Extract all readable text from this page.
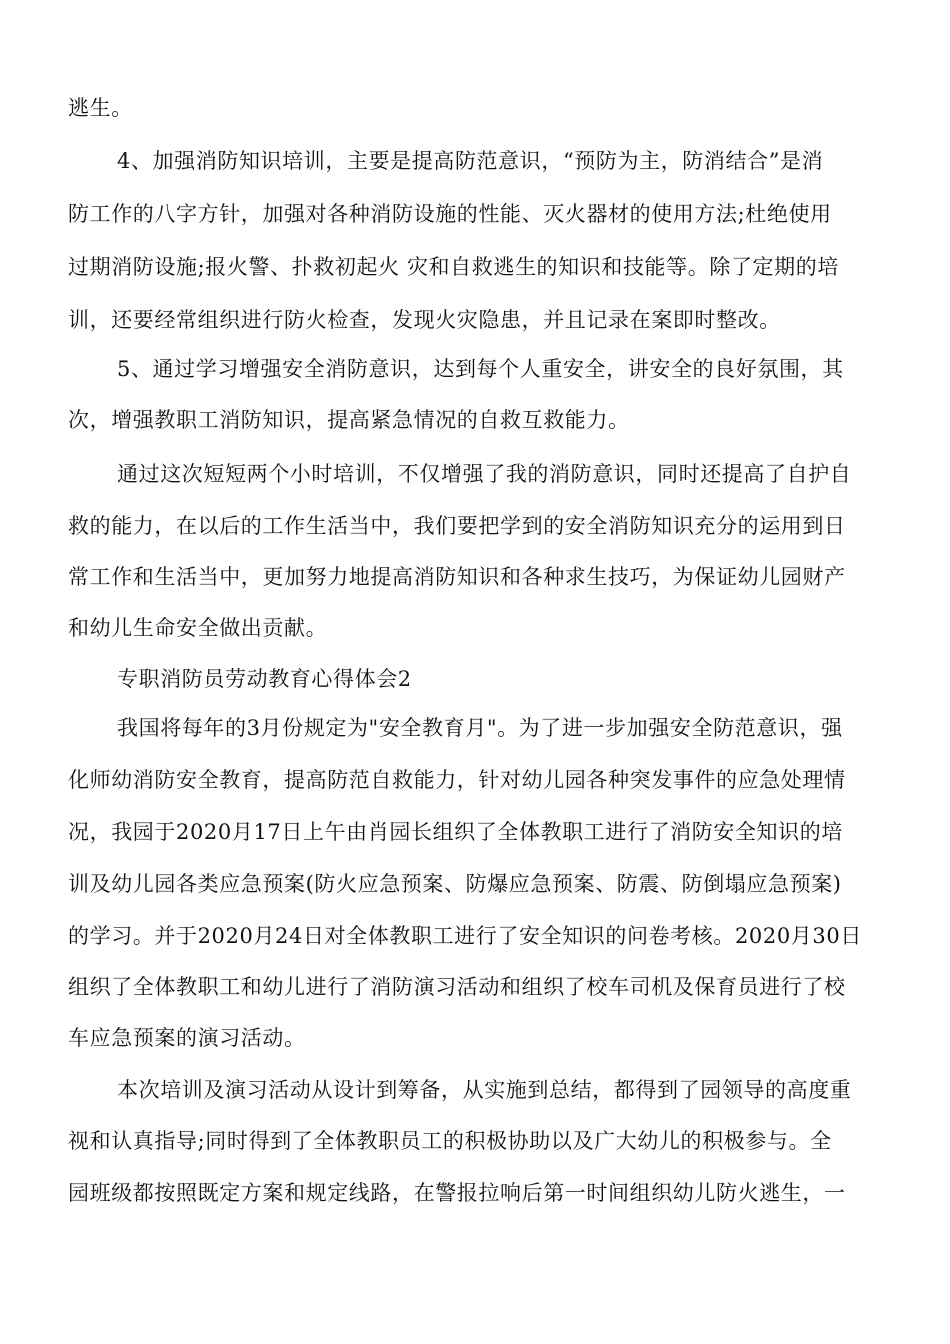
逃生。
4、加强消防知识培训，主要是提高防范意识，“预防为主，防消结合”是消
防工作的八字方针，加强对各种消防设施的性能、灭火器材的使用方法;杜绝使用
过期消防设施;报火警、扑救初起火 灾和自救逃生的知识和技能等。除了定期的培
训，还要经常组织进行防火检查，发现火灾隐患，并且记录在案即时整改。
5、通过学习增强安全消防意识，达到每个人重安全，讲安全的良好氛围，其
次，增强教职工消防知识，提高紧急情况的自救互救能力。
通过这次短短两个小时培训，不仅增强了我的消防意识，同时还提高了自护自
救的能力，在以后的工作生活当中，我们要把学到的安全消防知识充分的运用到日
常工作和生活当中，更加努力地提高消防知识和各种求生技巧，为保证幼儿园财产
和幼儿生命安全做出贡献。
专职消防员劳动教育心得体会2
我国将每年的3月份规定为"安全教育月"。为了进一步加强安全防范意识，强
化师幼消防安全教育，提高防范自救能力，针对幼儿园各种突发事件的应急处理情
况，我园于2020月17日上午由肖园长组织了全体教职工进行了消防安全知识的培
训及幼儿园各类应急预案(防火应急预案、防爆应急预案、防震、防倒塌应急预案)
的学习。并于2020月24日对全体教职工进行了安全知识的问卷考核。2020月30日
组织了全体教职工和幼儿进行了消防演习活动和组织了校车司机及保育员进行了校
车应急预案的演习活动。
本次培训及演习活动从设计到筹备，从实施到总结，都得到了园领导的高度重
视和认真指导;同时得到了全体教职员工的积极协助以及广大幼儿的积极参与。全
园班级都按照既定方案和规定线路，在警报拉响后第一时间组织幼儿防火逃生，一
